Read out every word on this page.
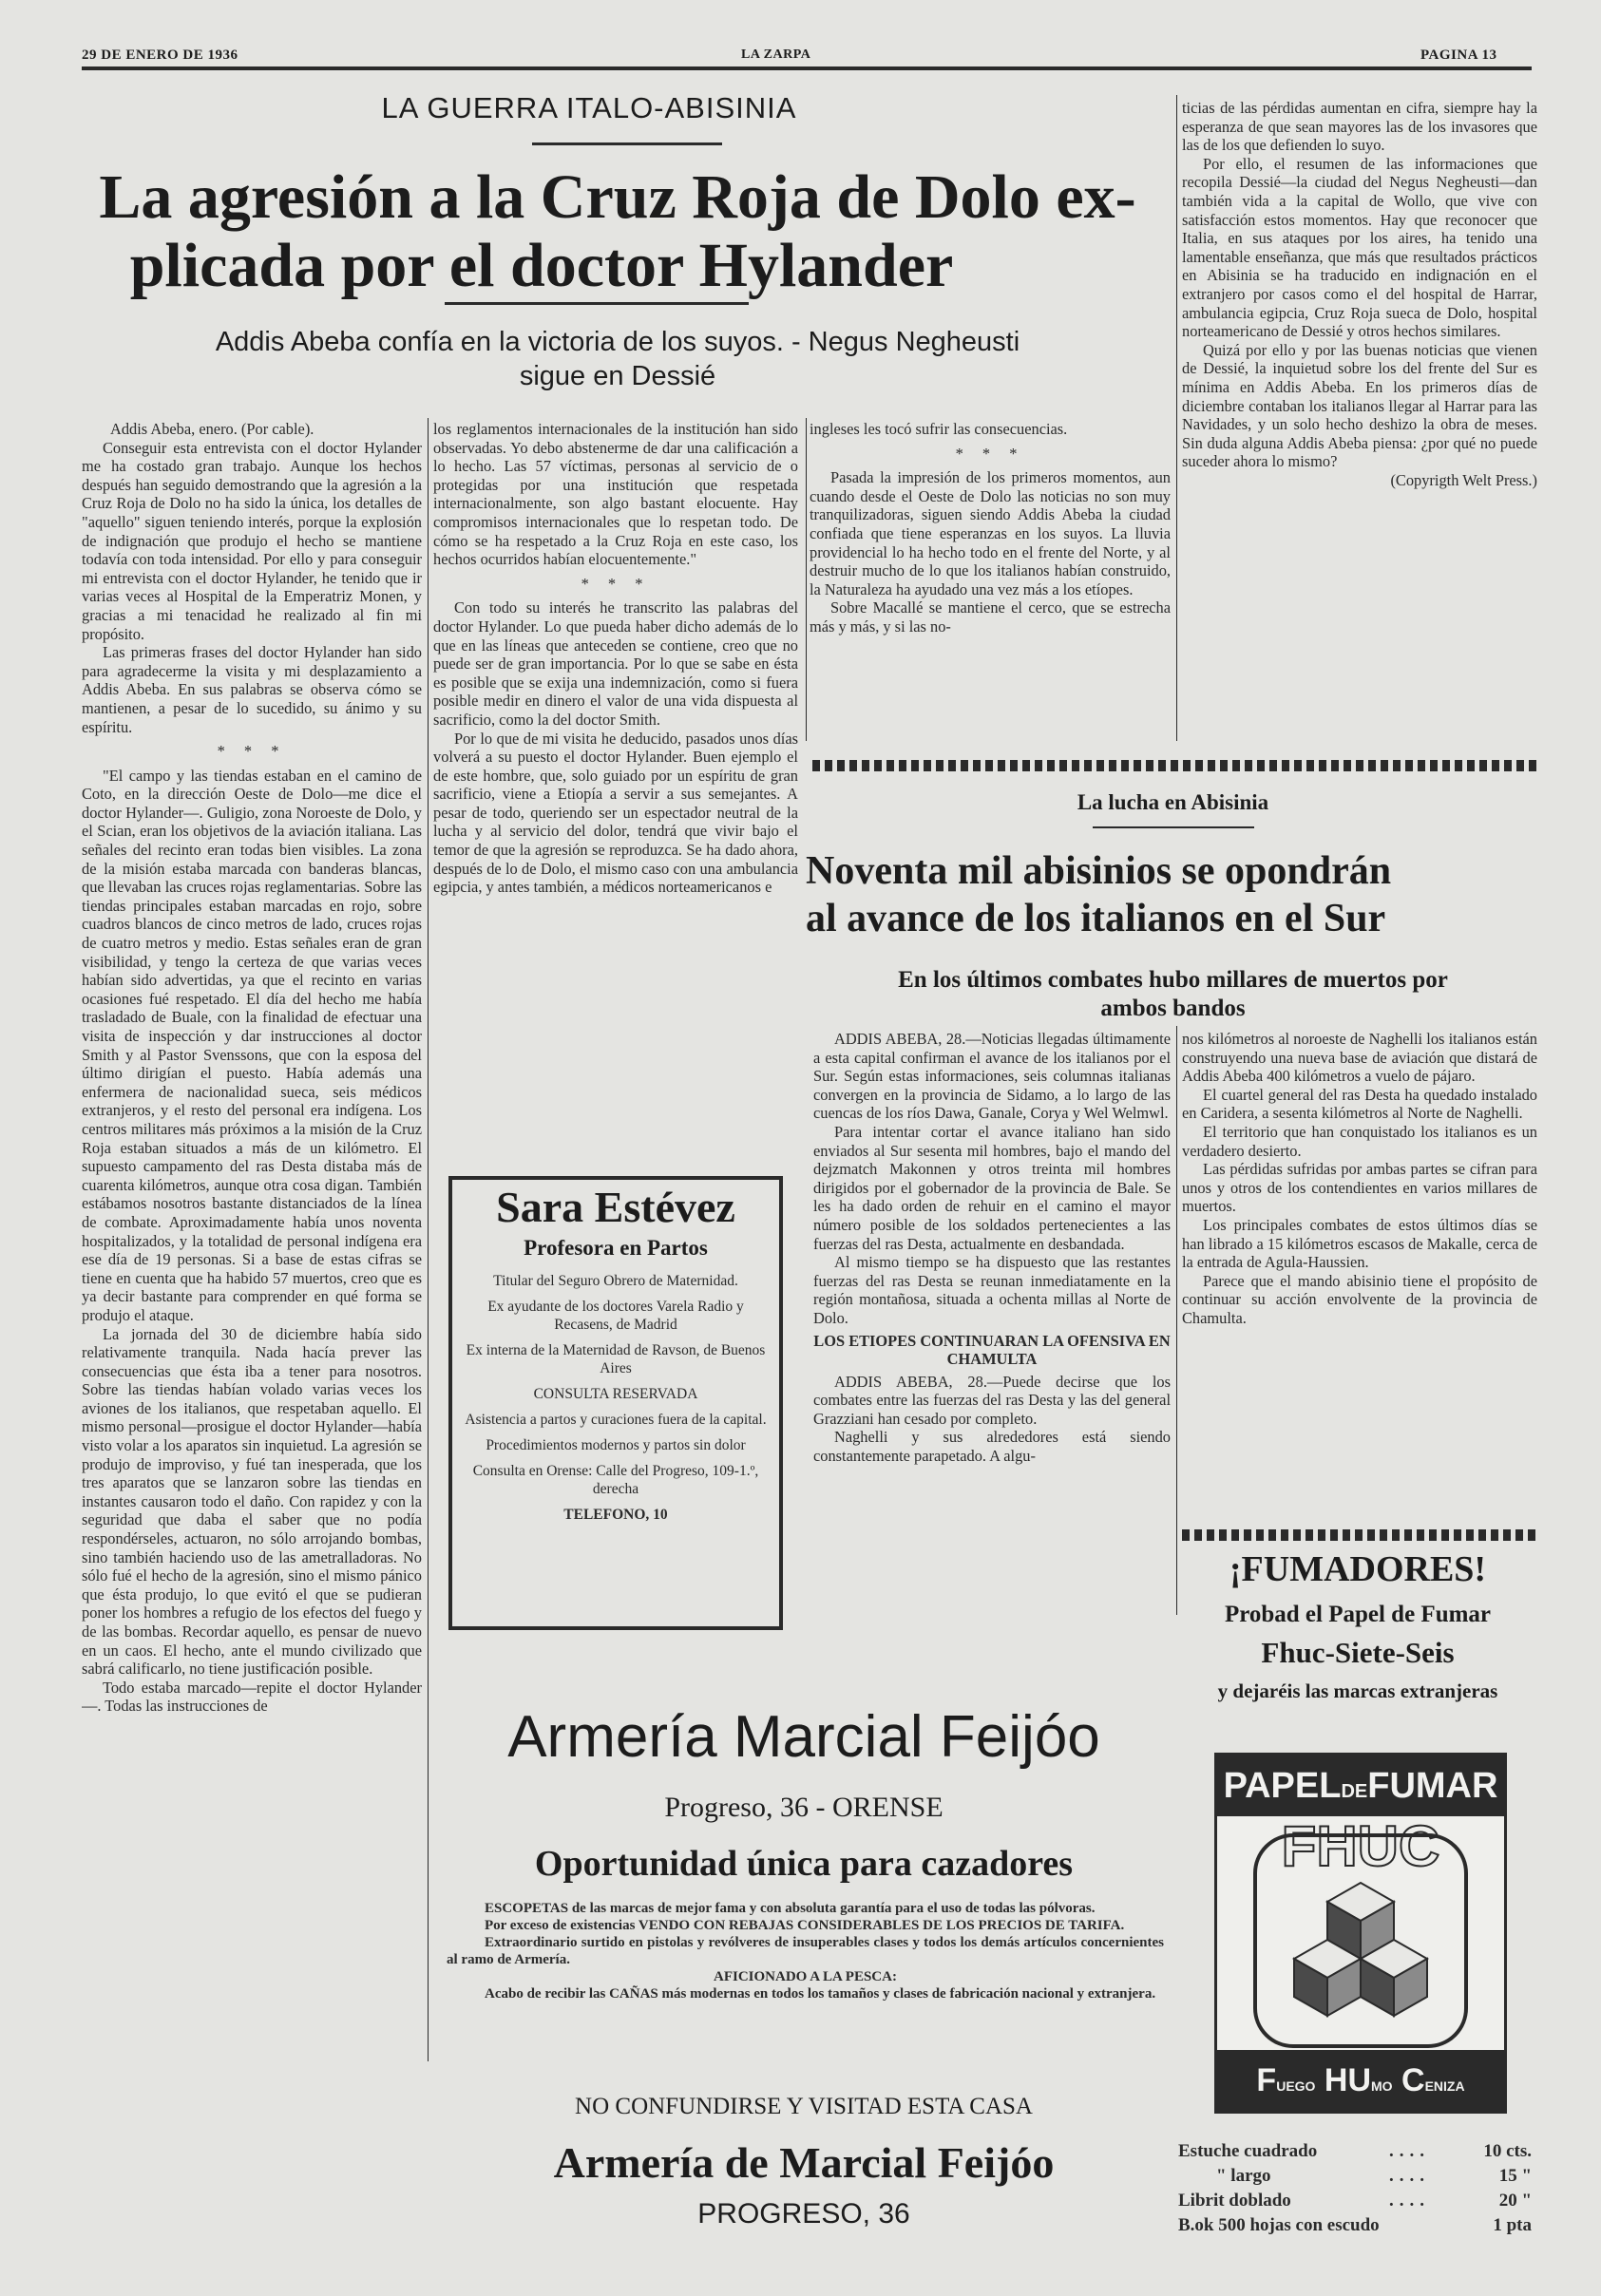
29 DE ENERO DE 1936	LA ZARPA	PAGINA 13
LA GUERRA ITALO-ABISINIA
La agresión a la Cruz Roja de Dolo ex-
plicada por el doctor Hylander
Addis Abeba confía en la victoria de los suyos. - Negus Negheusti
sigue en Dessié

Addis Abeba, enero. (Por cable).

Conseguir esta entrevista con el doctor Hylander me ha costado gran trabajo. Aunque los hechos después han seguido demostrando que la agresión a la Cruz Roja de Dolo no ha sido la única, los detalles de "aquello" siguen teniendo interés, porque la explosión de indignación que produjo el hecho se mantiene todavía con toda intensidad. Por ello y para conseguir mi entrevista con el doctor Hylander, he tenido que ir varias veces al Hospital de la Emperatriz Monen, y gracias a mi tenacidad he realizado al fin mi propósito.

Las primeras frases del doctor Hylander han sido para agradecerme la visita y mi desplazamiento a Addis Abeba. En sus palabras se observa cómo se mantienen, a pesar de lo sucedido, su ánimo y su espíritu.

* * *

"El campo y las tiendas estaban en el camino de Coto, en la dirección Oeste de Dolo—me dice el doctor Hylander—. Guligio, zona Noroeste de Dolo, y el Scian, eran los objetivos de la aviación italiana. Las señales del recinto eran todas bien visibles. La zona de la misión estaba marcada con banderas blancas, que llevaban las cruces rojas reglamentarias. Sobre las tiendas principales estaban marcadas en rojo, sobre cuadros blancos de cinco metros de lado, cruces rojas de cuatro metros y medio. Estas señales eran de gran visibilidad, y tengo la certeza de que varias veces habían sido advertidas, ya que el recinto en varias ocasiones fué respetado. El día del hecho me había trasladado de Buale, con la finalidad de efectuar una visita de inspección y dar instrucciones al doctor Smith y al Pastor Svenssons, que con la esposa del último dirigían el puesto. Había además una enfermera de nacionalidad sueca, seis médicos extranjeros, y el resto del personal era indígena. Los centros militares más próximos a la misión de la Cruz Roja estaban situados a más de un kilómetro. El supuesto campamento del ras Desta distaba más de cuarenta kilómetros, aunque otra cosa digan. También estábamos nosotros bastante distanciados de la línea de combate. Aproximadamente había unos noventa hospitalizados, y la totalidad de personal indígena era ese día de 19 personas. Si a base de estas cifras se tiene en cuenta que ha habido 57 muertos, creo que es ya decir bastante para comprender en qué forma se produjo el ataque.

La jornada del 30 de diciembre había sido relativamente tranquila. Nada hacía prever las consecuencias que ésta iba a tener para nosotros. Sobre las tiendas habían volado varias veces los aviones de los italianos, que respetaban aquello. El mismo personal—prosigue el doctor Hylander—había visto volar a los aparatos sin inquietud. La agresión se produjo de improviso, y fué tan inesperada, que los tres aparatos que se lanzaron sobre las tiendas en instantes causaron todo el daño. Con rapidez y con la seguridad que daba el saber que no podía respondérseles, actuaron, no sólo arrojando bombas, sino también haciendo uso de las ametralladoras. No sólo fué el hecho de la agresión, sino el mismo pánico que ésta produjo, lo que evitó el que se pudieran poner los hombres a refugio de los efectos del fuego y de las bombas. Recordar aquello, es pensar de nuevo en un caos. El hecho, ante el mundo civilizado que sabrá calificarlo, no tiene justificación posible.

Todo estaba marcado—repite el doctor Hylander—. Todas las instrucciones de

los reglamentos internacionales de la institución han sido observadas. Yo debo abstenerme de dar una calificación a lo hecho. Las 57 víctimas, personas al servicio de o protegidas por una institución que respetada internacionalmente, son algo bastant elocuente. Hay compromisos internacionales que lo respetan todo. De cómo se ha respetado a la Cruz Roja en este caso, los hechos ocurridos habían elocuentemente."

* * *

Con todo su interés he transcrito las palabras del doctor Hylander. Lo que pueda haber dicho además de lo que en las líneas que anteceden se contiene, creo que no puede ser de gran importancia. Por lo que se sabe en ésta es posible que se exija una indemnización, como si fuera posible medir en dinero el valor de una vida dispuesta al sacrificio, como la del doctor Smith.

Por lo que de mi visita he deducido, pasados unos días volverá a su puesto el doctor Hylander. Buen ejemplo el de este hombre, que, solo guiado por un espíritu de gran sacrificio, viene a Etiopía a servir a sus semejantes. A pesar de todo, queriendo ser un espectador neutral de la lucha y al servicio del dolor, tendrá que vivir bajo el temor de que la agresión se reproduzca. Se ha dado ahora, después de lo de Dolo, el mismo caso con una ambulancia egipcia, y antes también, a médicos norteamericanos e

ingleses les tocó sufrir las consecuencias.

* * *

Pasada la impresión de los primeros momentos, aun cuando desde el Oeste de Dolo las noticias no son muy tranquilizadoras, siguen siendo Addis Abeba la ciudad confiada que tiene esperanzas en los suyos. La lluvia providencial lo ha hecho todo en el frente del Norte, y al destruir mucho de lo que los italianos habían construido, la Naturaleza ha ayudado una vez más a los etíopes.

Sobre Macallé se mantiene el cerco, que se estrecha más y más, y si las no-

ticias de las pérdidas aumentan en cifra, siempre hay la esperanza de que sean mayores las de los invasores que las de los que defienden lo suyo.

Por ello, el resumen de las informaciones que recopila Dessié—la ciudad del Negus Negheusti—dan también vida a la capital de Wollo, que vive con satisfacción estos momentos. Hay que reconocer que Italia, en sus ataques por los aires, ha tenido una lamentable enseñanza, que más que resultados prácticos en Abisinia se ha traducido en indignación en el extranjero por casos como el del hospital de Harrar, ambulancia egipcia, Cruz Roja sueca de Dolo, hospital norteamericano de Dessié y otros hechos similares.

Quizá por ello y por las buenas noticias que vienen de Dessié, la inquietud sobre los del frente del Sur es mínima en Addis Abeba. En los primeros días de diciembre contaban los italianos llegar al Harrar para las Navidades, y un solo hecho deshizo la obra de meses. Sin duda alguna Addis Abeba piensa: ¿por qué no puede suceder ahora lo mismo?

(Copyrigth Welt Press.)

La lucha en Abisinia
Noventa mil abisinios se opondrán
al avance de los italianos en el Sur
En los últimos combates hubo millares de muertos por
ambos bandos

ADDIS ABEBA, 28.—Noticias llegadas últimamente a esta capital confirman el avance de los italianos por el Sur. Según estas informaciones, seis columnas italianas convergen en la provincia de Sidamo, a lo largo de las cuencas de los ríos Dawa, Ganale, Corya y Wel Welmwl.

Para intentar cortar el avance italiano han sido enviados al Sur sesenta mil hombres, bajo el mando del dejzmatch Makonnen y otros treinta mil hombres dirigidos por el gobernador de la provincia de Bale. Se les ha dado orden de rehuir en el camino el mayor número posible de los soldados pertenecientes a las fuerzas del ras Desta, actualmente en desbandada.

Al mismo tiempo se ha dispuesto que las restantes fuerzas del ras Desta se reunan inmediatamente en la región montañosa, situada a ochenta millas al Norte de Dolo.

LOS ETIOPES CONTINUARAN LA OFENSIVA EN CHAMULTA

ADDIS ABEBA, 28.—Puede decirse que los combates entre las fuerzas del ras Desta y las del general Grazziani han cesado por completo.

Naghelli y sus alrededores está siendo constantemente parapetado. A algu-

nos kilómetros al noroeste de Naghelli los italianos están construyendo una nueva base de aviación que distará de Addis Abeba 400 kilómetros a vuelo de pájaro.

El cuartel general del ras Desta ha quedado instalado en Caridera, a sesenta kilómetros al Norte de Naghelli.

El territorio que han conquistado los italianos es un verdadero desierto.

Las pérdidas sufridas por ambas partes se cifran para unos y otros de los contendientes en varios millares de muertos.

Los principales combates de estos últimos días se han librado a 15 kilómetros escasos de Makalle, cerca de la entrada de Agula-Haussien.

Parece que el mando abisinio tiene el propósito de continuar su acción envolvente de la provincia de Chamulta.

Sara Estévez
Profesora en Partos
Titular del Seguro Obrero de Maternidad.
Ex ayudante de los doctores Varela Radio y Recasens, de Madrid
Ex interna de la Maternidad de Ravson, de Buenos Aires
CONSULTA RESERVADA
Asistencia a partos y curaciones fuera de la capital.
Procedimientos modernos y partos sin dolor
Consulta en Orense: Calle del Progreso, 109-1.º, derecha
TELEFONO, 10
Armería Marcial Feijóo
Progreso, 36 - ORENSE
Oportunidad única para cazadores
ESCOPETAS de las marcas de mejor fama y con absoluta garantía para el uso de todas las pólvoras.
Por exceso de existencias VENDO CON REBAJAS CONSIDERABLES DE LOS PRECIOS DE TARIFA.
Extraordinario surtido en pistolas y revólveres de insuperables clases y todos los demás artículos concernientes al ramo de Armería.
AFICIONADO A LA PESCA:
Acabo de recibir las CAÑAS más modernas en todos los tamaños y clases de fabricación nacional y extranjera.
NO CONFUNDIRSE Y VISITAD ESTA CASA
Armería de Marcial Feijóo
PROGRESO, 36
¡FUMADORES!
Probad el Papel de Fumar
Fhuc-Siete-Seis
y dejaréis las marcas extranjeras
PAPELDEFUMAR
FHUC
FUEGO HUMO CENIZA
Estuche cuadrado	....	10 cts.
" largo	....	15 "
Librit doblado	....	20 "
B.ok 500 hojas con escudo	1 pta
